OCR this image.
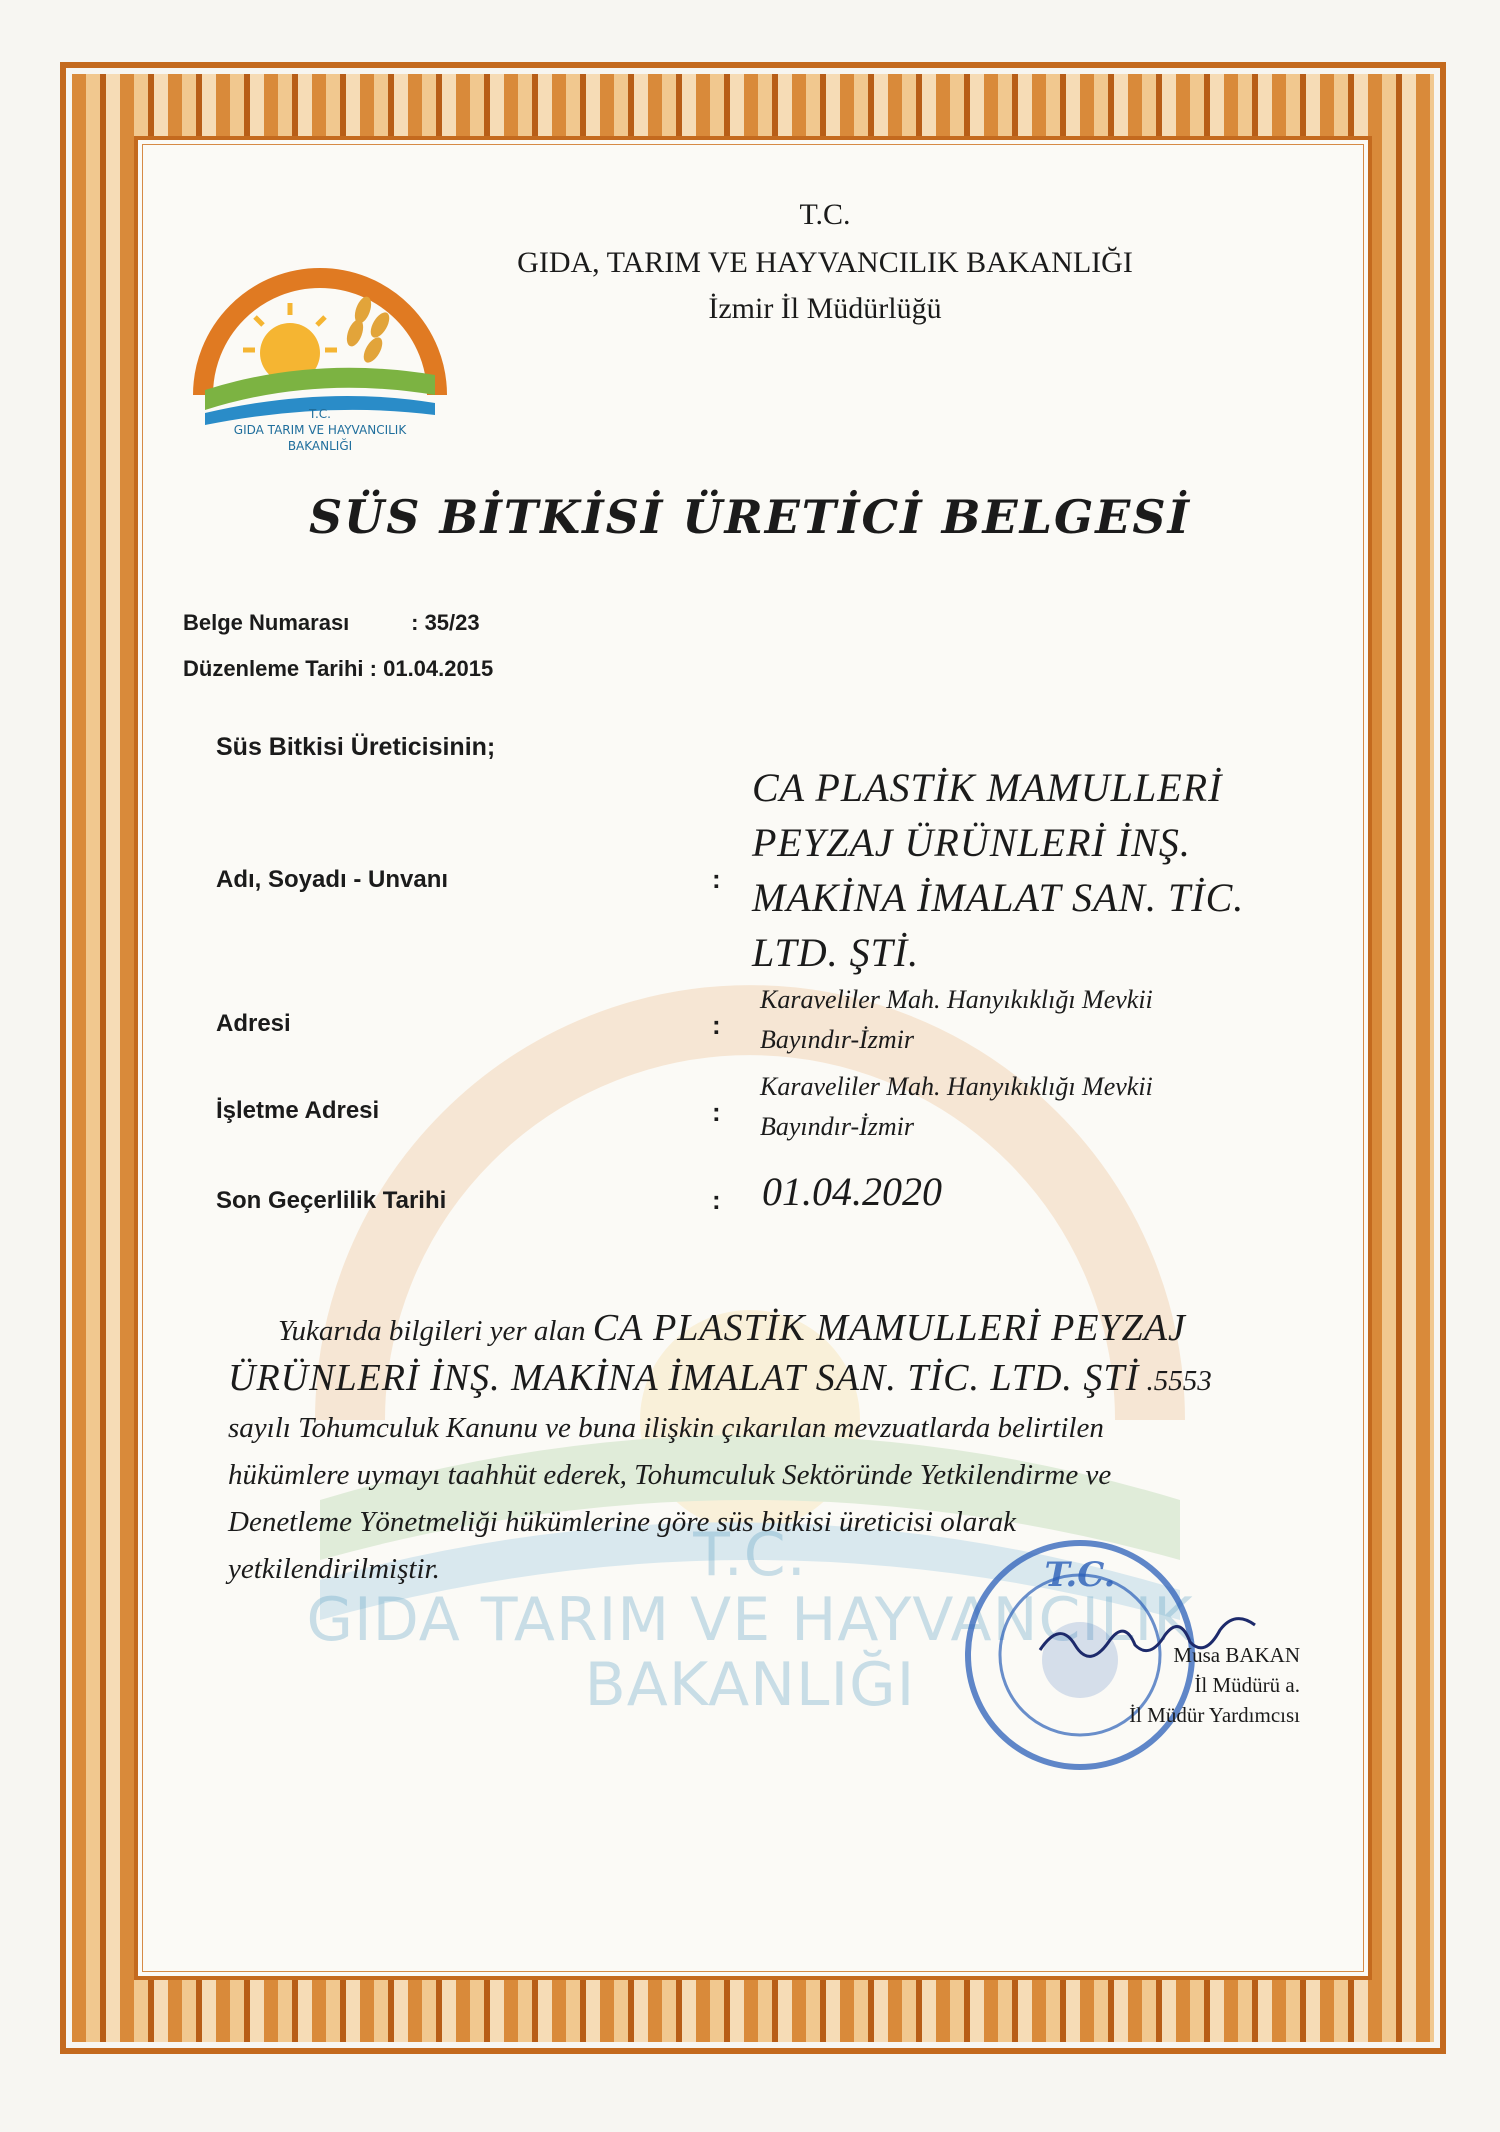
T.C.
GIDA TARIM VE HAYVANCILIK
BAKANLIĞI
T.C.
GIDA TARIM VE HAYVANCILIK
BAKANLIĞI
T.C.
GIDA, TARIM VE HAYVANCILIK BAKANLIĞI
İzmir İl Müdürlüğü
SÜS BİTKİSİ ÜRETİCİ BELGESİ
Belge Numarası	: 35/23
Düzenleme Tarihi : 01.04.2015
Süs Bitkisi Üreticisinin;
Adı, Soyadı - Unvanı	:
CA PLASTİK MAMULLERİ
PEYZAJ ÜRÜNLERİ İNŞ.
MAKİNA İMALAT SAN. TİC.
LTD. ŞTİ.
Adresi	:
Karaveliler Mah. Hanyıkıklığı Mevkii
Bayındır-İzmir
İşletme Adresi	:
Karaveliler Mah. Hanyıkıklığı Mevkii
Bayındır-İzmir
Son Geçerlilik Tarihi	: 01.04.2020
Yukarıda bilgileri yer alan CA PLASTİK MAMULLERİ PEYZAJ
ÜRÜNLERİ İNŞ. MAKİNA İMALAT SAN. TİC. LTD. ŞTİ .5553
sayılı Tohumculuk Kanunu ve buna ilişkin çıkarılan mevzuatlarda belirtilen
hükümlere uymayı taahhüt ederek, Tohumculuk Sektöründe Yetkilendirme ve
Denetleme Yönetmeliği hükümlerine göre süs bitkisi üreticisi olarak
yetkilendirilmiştir.	T.C.
Musa BAKAN
İl Müdürü a.
İl Müdür Yardımcısı
